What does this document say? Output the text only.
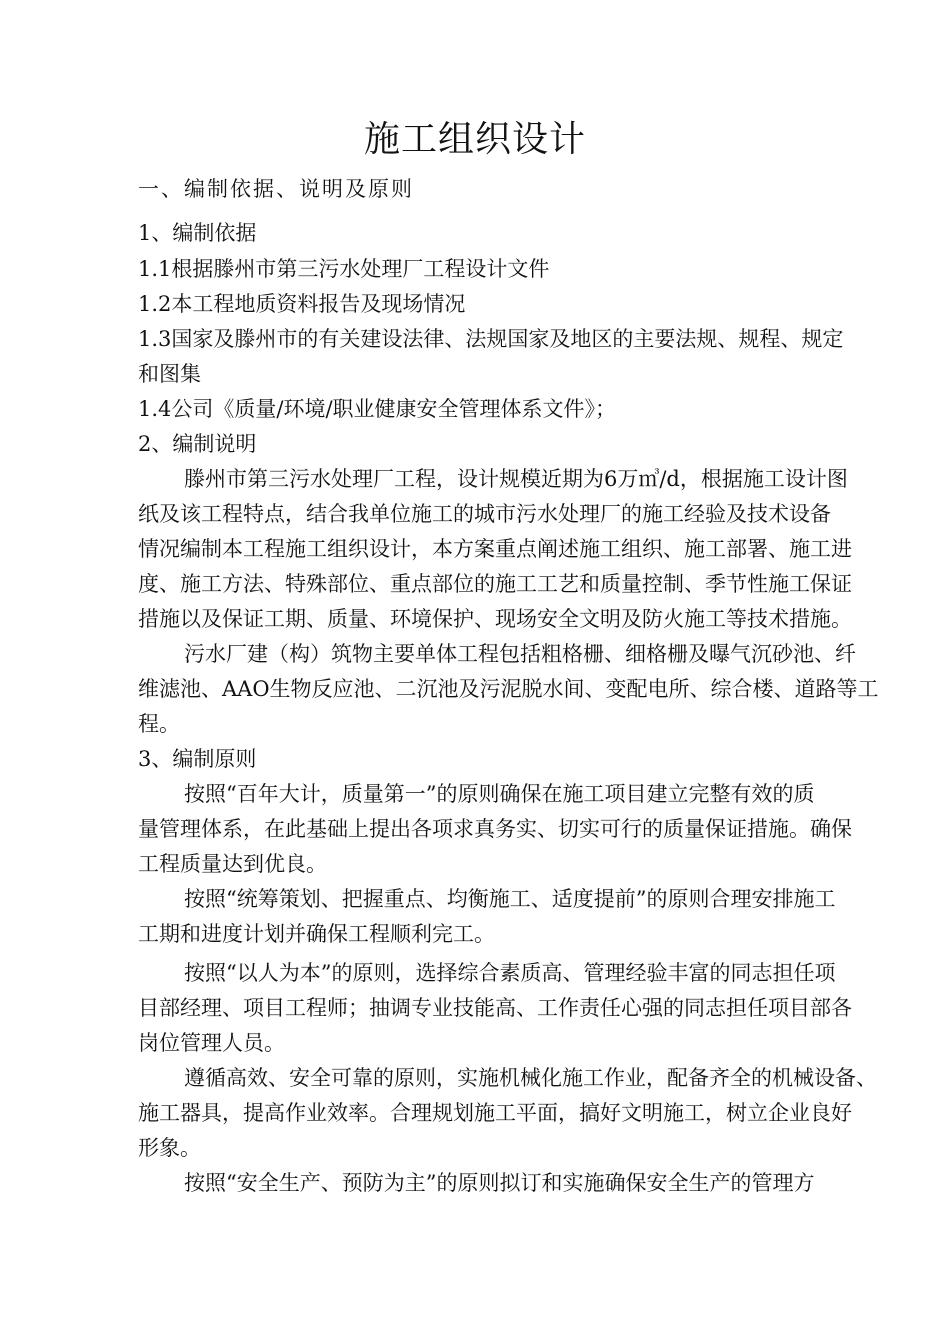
施工组织设计
一、编制依据、说明及原则
1、编制依据
1.1根据滕州市第三污水处理厂工程设计文件
1.2本工程地质资料报告及现场情况
1.3国家及滕州市的有关建设法律、法规国家及地区的主要法规、规程、规定
和图集
1.4公司《质量/环境/职业健康安全管理体系文件》；
2、编制说明
滕州市第三污水处理厂工程，设计规模近期为6万㎥/d，根据施工设计图
纸及该工程特点，结合我单位施工的城市污水处理厂的施工经验及技术设备
情况编制本工程施工组织设计，本方案重点阐述施工组织、施工部署、施工进
度、施工方法、特殊部位、重点部位的施工工艺和质量控制、季节性施工保证
措施以及保证工期、质量、环境保护、现场安全文明及防火施工等技术措施。
污水厂建（构）筑物主要单体工程包括粗格栅、细格栅及曝气沉砂池、纤
维滤池、AAO生物反应池、二沉池及污泥脱水间、变配电所、综合楼、道路等工
程。
3、编制原则
按照“百年大计，质量第一”的原则确保在施工项目建立完整有效的质
量管理体系，在此基础上提出各项求真务实、切实可行的质量保证措施。确保
工程质量达到优良。
按照“统筹策划、把握重点、均衡施工、适度提前”的原则合理安排施工
工期和进度计划并确保工程顺利完工。
按照“以人为本”的原则，选择综合素质高、管理经验丰富的同志担任项
目部经理、项目工程师；抽调专业技能高、工作责任心强的同志担任项目部各
岗位管理人员。
遵循高效、安全可靠的原则，实施机械化施工作业，配备齐全的机械设备、
施工器具，提高作业效率。合理规划施工平面，搞好文明施工，树立企业良好
形象。
按照“安全生产、预防为主”的原则拟订和实施确保安全生产的管理方
